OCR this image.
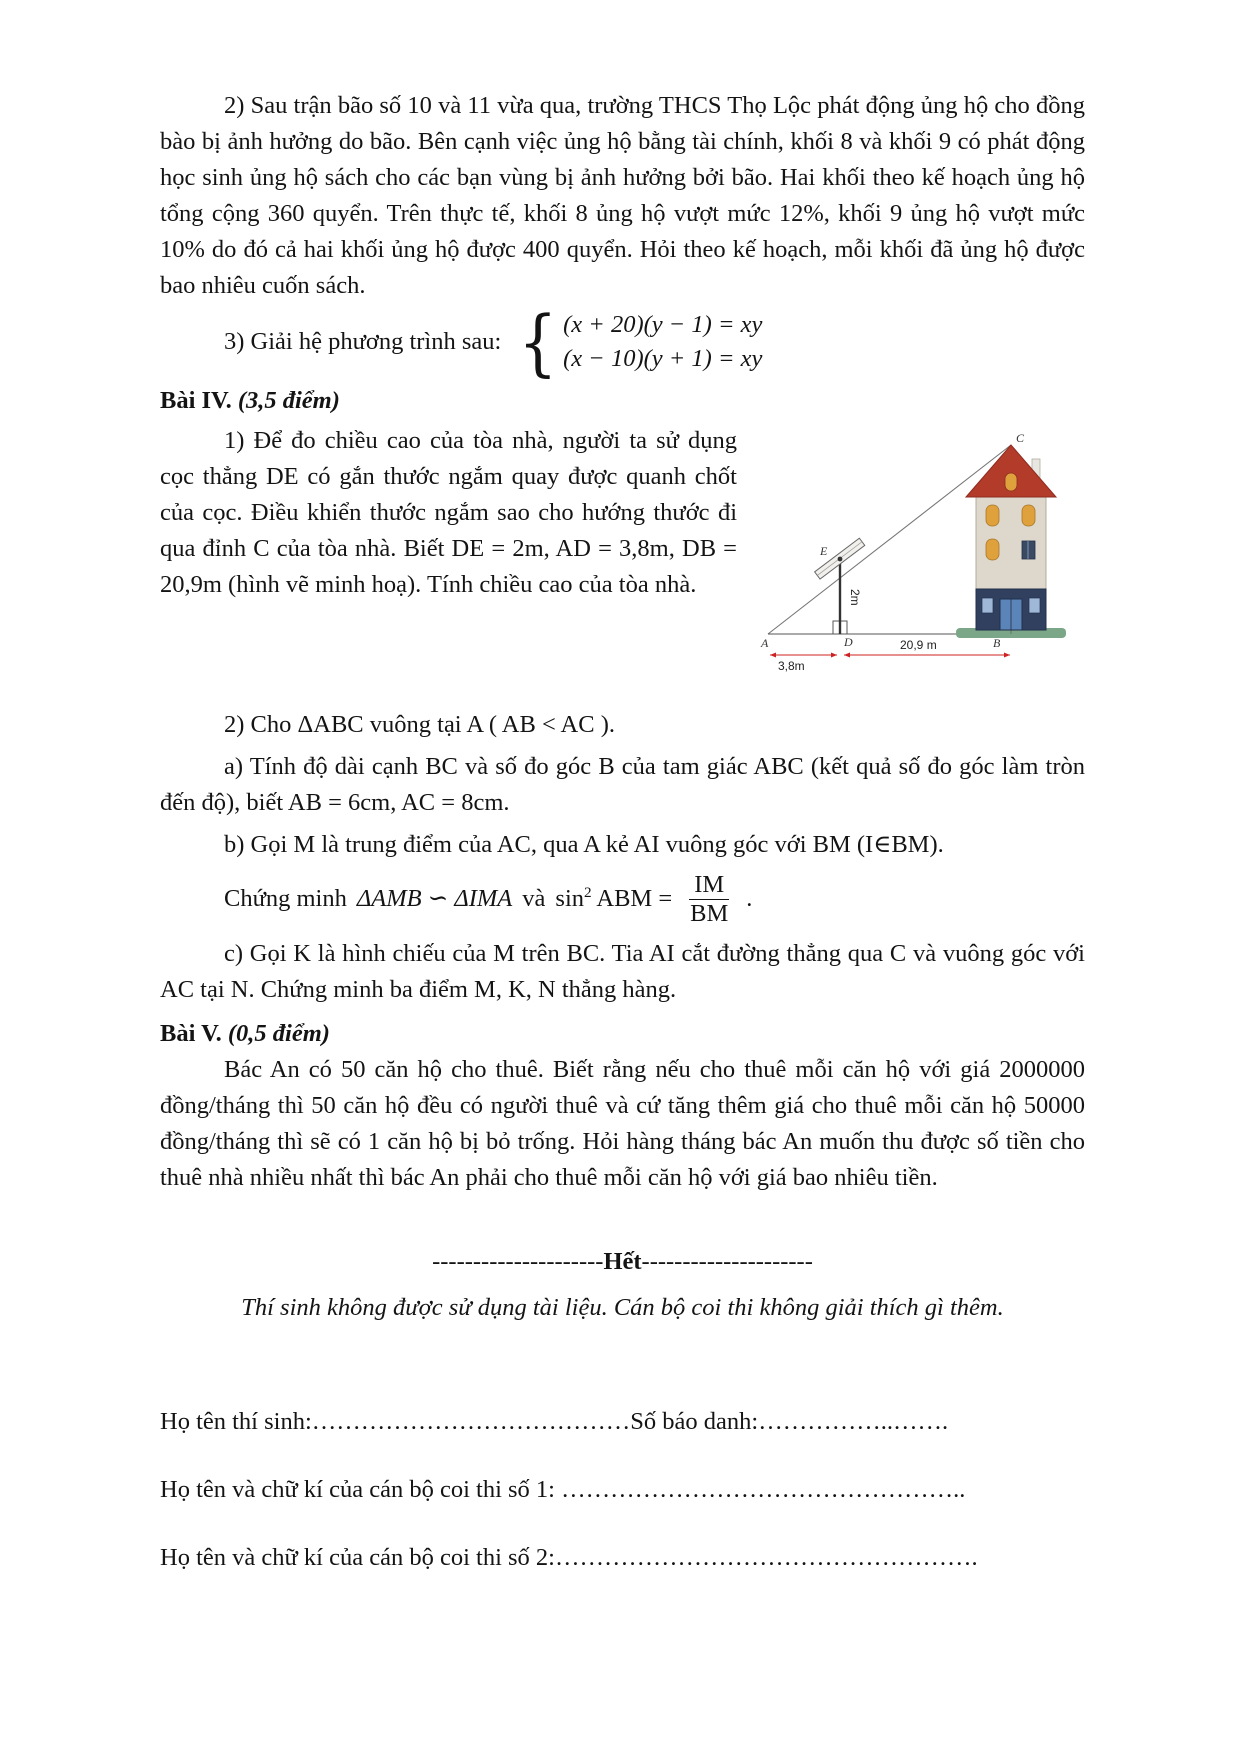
2) Sau trận bão số 10 và 11 vừa qua, trường THCS Thọ Lộc phát động ủng hộ cho đồng bào bị ảnh hưởng do bão. Bên cạnh việc ủng hộ bằng tài chính, khối 8 và khối 9 có phát động học sinh ủng hộ sách cho các bạn vùng bị ảnh hưởng bởi bão. Hai khối theo kế hoạch ủng hộ tổng cộng 360 quyển. Trên thực tế, khối 8 ủng hộ vượt mức 12%, khối 9 ủng hộ vượt mức 10% do đó cả hai khối ủng hộ được 400 quyển. Hỏi theo kế hoạch, mỗi khối đã ủng hộ được bao nhiêu cuốn sách.

3) Giải hệ phương trình sau: { (x + 20)(y − 1) = xy
(x − 10)(y + 1) = xy

Bài IV. (3,5 điểm)

A	D	B
E
C
3,8m
20,9 m
2m

1) Để đo chiều cao của tòa nhà, người ta sử dụng cọc thẳng DE có gắn thước ngắm quay được quanh chốt của cọc. Điều khiển thước ngắm sao cho hướng thước đi qua đỉnh C của tòa nhà. Biết DE = 2m, AD = 3,8m, DB = 20,9m (hình vẽ minh hoạ). Tính chiều cao của tòa nhà.

2) Cho ΔABC vuông tại A ( AB < AC ).

a) Tính độ dài cạnh BC và số đo góc B của tam giác ABC (kết quả số đo góc làm tròn đến độ), biết AB = 6cm, AC = 8cm.

b) Gọi M là trung điểm của AC, qua A kẻ AI vuông góc với BM (I∈BM).

Chứng minh ΔAMB ∽ ΔIMA và $\sin^2$ ABM = $\frac{IM}{BM}$ .

c) Gọi K là hình chiếu của M trên BC. Tia AI cắt đường thẳng qua C và vuông góc với AC tại N. Chứng minh ba điểm M, K, N thẳng hàng.

Bài V. (0,5 điểm)

Bác An có 50 căn hộ cho thuê. Biết rằng nếu cho thuê mỗi căn hộ với giá 2000000 đồng/tháng thì 50 căn hộ đều có người thuê và cứ tăng thêm giá cho thuê mỗi căn hộ 50000 đồng/tháng thì sẽ có 1 căn hộ bị bỏ trống. Hỏi hàng tháng bác An muốn thu được số tiền cho thuê nhà nhiều nhất thì bác An phải cho thuê mỗi căn hộ với giá bao nhiêu tiền.

---------------------Hết---------------------

Thí sinh không được sử dụng tài liệu. Cán bộ coi thi không giải thích gì thêm.

Họ tên thí sinh:…………………………………Số báo danh:……………..…….

Họ tên và chữ kí của cán bộ coi thi số 1: …………………………………………..

Họ tên và chữ kí của cán bộ coi thi số 2:…………………………………………….
